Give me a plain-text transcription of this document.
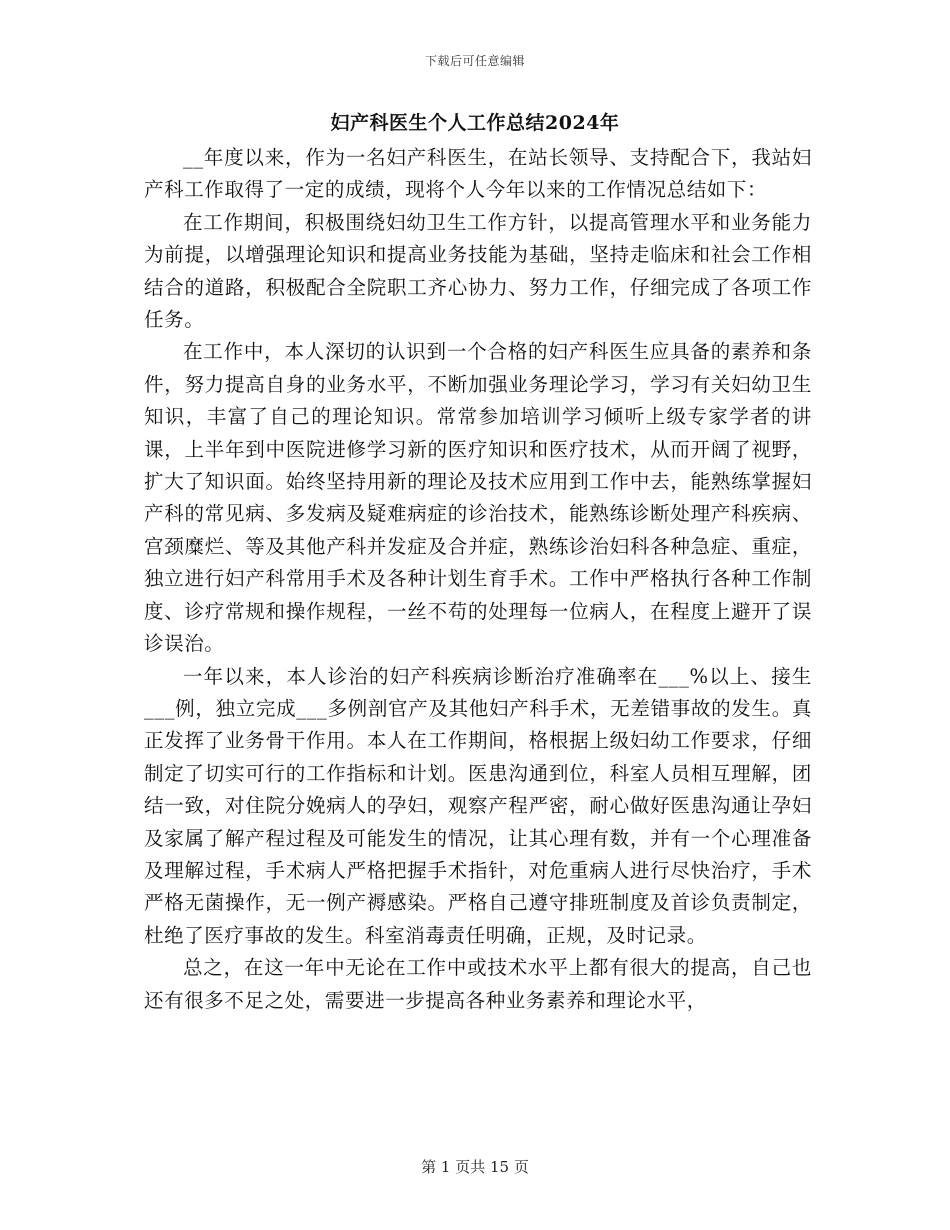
下载后可任意编辑
妇产科医生个人工作总结2024年

__年度以来，作为一名妇产科医生，在站长领导、支持配合下，我站妇产科工作取得了一定的成绩，现将个人今年以来的工作情况总结如下：

在工作期间，积极围绕妇幼卫生工作方针，以提高管理水平和业务能力为前提，以增强理论知识和提高业务技能为基础，坚持走临床和社会工作相结合的道路，积极配合全院职工齐心协力、努力工作，仔细完成了各项工作任务。

在工作中，本人深切的认识到一个合格的妇产科医生应具备的素养和条件，努力提高自身的业务水平，不断加强业务理论学习，学习有关妇幼卫生知识，丰富了自己的理论知识。常常参加培训学习倾听上级专家学者的讲课，上半年到中医院进修学习新的医疗知识和医疗技术，从而开阔了视野，扩大了知识面。始终坚持用新的理论及技术应用到工作中去，能熟练掌握妇产科的常见病、多发病及疑难病症的诊治技术，能熟练诊断处理产科疾病、宫颈糜烂、等及其他产科并发症及合并症，熟练诊治妇科各种急症、重症，独立进行妇产科常用手术及各种计划生育手术。工作中严格执行各种工作制度、诊疗常规和操作规程，一丝不苟的处理每一位病人，在程度上避开了误诊误治。

一年以来，本人诊治的妇产科疾病诊断治疗准确率在___%以上、接生___例，独立完成___多例剖官产及其他妇产科手术，无差错事故的发生。真正发挥了业务骨干作用。本人在工作期间，格根据上级妇幼工作要求，仔细制定了切实可行的工作指标和计划。医患沟通到位，科室人员相互理解，团结一致，对住院分娩病人的孕妇，观察产程严密，耐心做好医患沟通让孕妇及家属了解产程过程及可能发生的情况，让其心理有数，并有一个心理准备及理解过程，手术病人严格把握手术指针，对危重病人进行尽快治疗，手术严格无菌操作，无一例产褥感染。严格自己遵守排班制度及首诊负责制定，杜绝了医疗事故的发生。科室消毒责任明确，正规，及时记录。

总之，在这一年中无论在工作中或技术水平上都有很大的提高，自己也还有很多不足之处，需要进一步提高各种业务素养和理论水平，

第 1 页共 15 页
